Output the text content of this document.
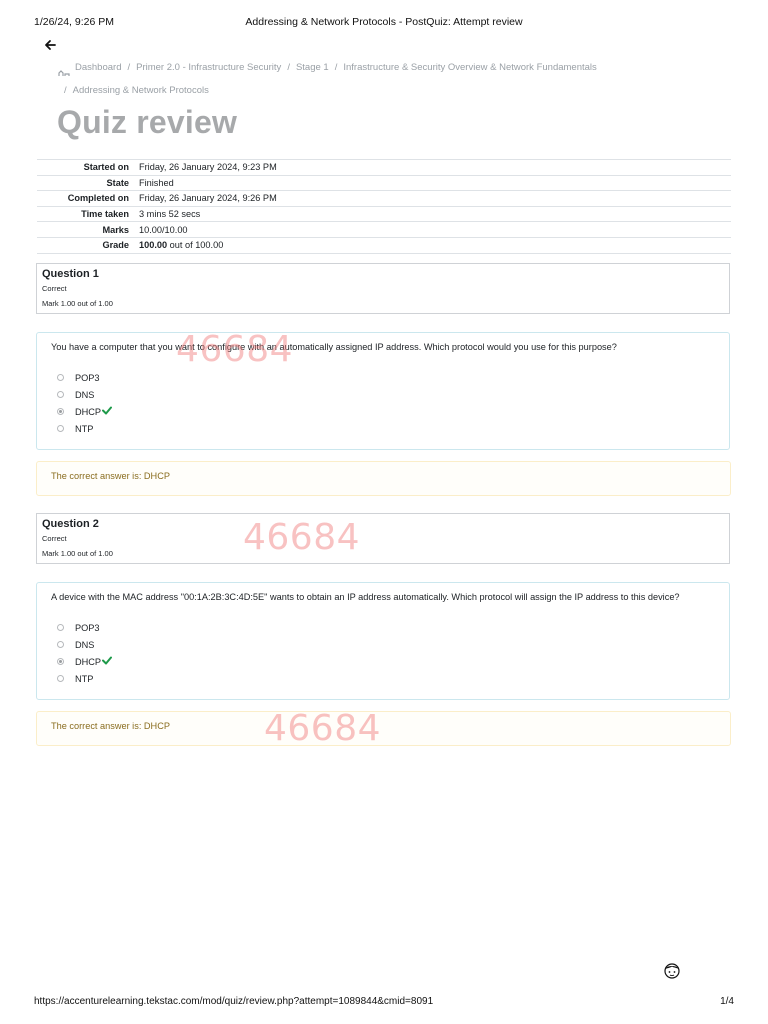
1/26/24, 9:26 PM	Addressing & Network Protocols - PostQuiz: Attempt review
Dashboard / Primer 2.0 - Infrastructure Security / Stage 1 / Infrastructure & Security Overview & Network Fundamentals
/ Addressing & Network Protocols
Quiz review
Started on	Friday, 26 January 2024, 9:23 PM
State	Finished
Completed on	Friday, 26 January 2024, 9:26 PM
Time taken	3 mins 52 secs
Marks	10.00/10.00
Grade	100.00 out of 100.00
Question 1
Correct
Mark 1.00 out of 1.00
You have a computer that you want to configure with an automatically assigned IP address. Which protocol would you use for this purpose?
POP3
DNS
DHCP
NTP
The correct answer is: DHCP
Question 2
Correct
Mark 1.00 out of 1.00
A device with the MAC address "00:1A:2B:3C:4D:5E" wants to obtain an IP address automatically. Which protocol will assign the IP address to this device?
POP3
DNS
DHCP
NTP
The correct answer is: DHCP
46684
46684
46684
https://accenturelearning.tekstac.com/mod/quiz/review.php?attempt=1089844&cmid=8091	1/4
